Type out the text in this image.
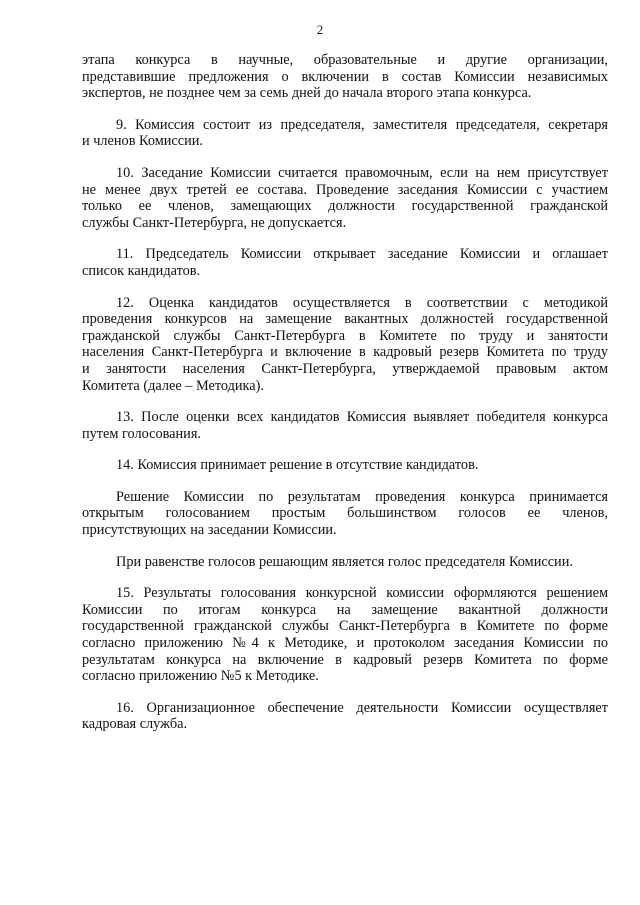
2
этапа конкурса в научные, образовательные и другие организации,
представившие предложения о включении в состав Комиссии независимых
экспертов, не позднее чем за семь дней до начала второго этапа конкурса.
9. Комиссия состоит из председателя, заместителя председателя, секретаря
и членов Комиссии.
10. Заседание Комиссии считается правомочным, если на нем присутствует
не менее двух третей ее состава. Проведение заседания Комиссии с участием
только ее членов, замещающих должности государственной гражданской
службы Санкт-Петербурга, не допускается.
11. Председатель Комиссии открывает заседание Комиссии и оглашает
список кандидатов.
12. Оценка кандидатов осуществляется в соответствии с методикой
проведения конкурсов на замещение вакантных должностей государственной
гражданской службы Санкт-Петербурга в Комитете по труду и занятости
населения Санкт-Петербурга и включение в кадровый резерв Комитета по труду
и занятости населения Санкт-Петербурга, утверждаемой правовым актом
Комитета (далее – Методика).
13. После оценки всех кандидатов Комиссия выявляет победителя конкурса
путем голосования.
14. Комиссия принимает решение в отсутствие кандидатов.
Решение Комиссии по результатам проведения конкурса принимается
открытым голосованием простым большинством голосов ее членов,
присутствующих на заседании Комиссии.
При равенстве голосов решающим является голос председателя Комиссии.
15. Результаты голосования конкурсной комиссии оформляются решением
Комиссии по итогам конкурса на замещение вакантной должности
государственной гражданской службы Санкт-Петербурга в Комитете по форме
согласно приложению №4 к Методике, и протоколом заседания Комиссии по
результатам конкурса на включение в кадровый резерв Комитета по форме
согласно приложению №5 к Методике.
16. Организационное обеспечение деятельности Комиссии осуществляет
кадровая служба.
